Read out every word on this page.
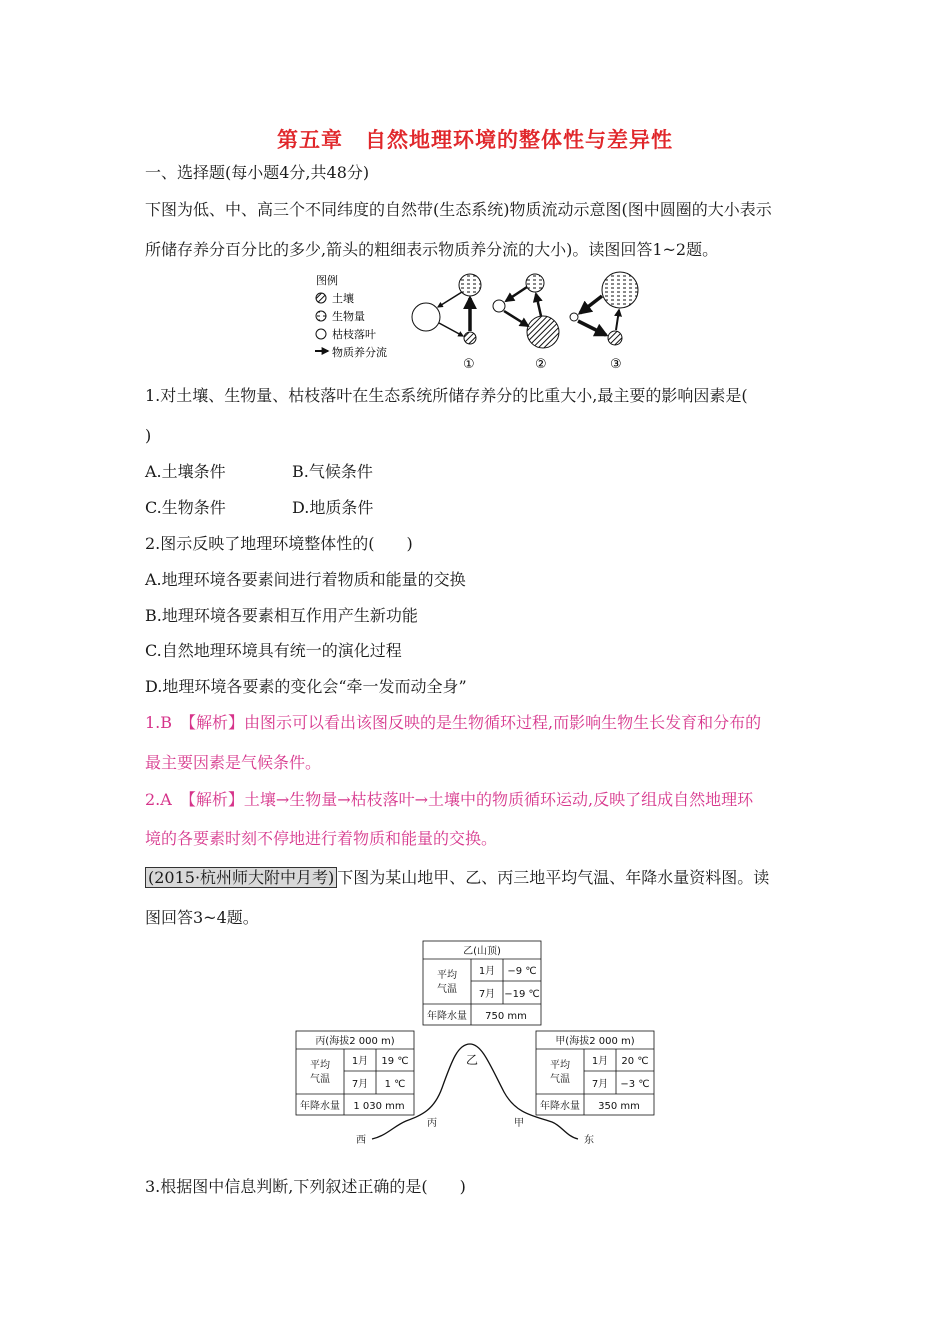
第五章 自然地理环境的整体性与差异性
一、选择题(每小题4分,共48分)
下图为低、中、高三个不同纬度的自然带(生态系统)物质流动示意图(图中圆圈的大小表示
所储存养分百分比的多少,箭头的粗细表示物质养分流的大小)。读图回答1~2题。
图例
土壤
生物量
枯枝落叶
物质养分流
①	②	③
1.对土壤、生物量、枯枝落叶在生态系统所储存养分的比重大小,最主要的影响因素是(
)
A.土壤条件	B.气候条件
C.生物条件	D.地质条件
2.图示反映了地理环境整体性的(　　)
A.地理环境各要素间进行着物质和能量的交换
B.地理环境各要素相互作用产生新功能
C.自然地理环境具有统一的演化过程
D.地理环境各要素的变化会“牵一发而动全身”
1.B　【解析】由图示可以看出该图反映的是生物循环过程,而影响生物生长发育和分布的
最主要因素是气候条件。
2.A　【解析】土壤→生物量→枯枝落叶→土壤中的物质循环运动,反映了组成自然地理环
境的各要素时刻不停地进行着物质和能量的交换。
(2015·杭州师大附中月考) 下图为某山地甲、乙、丙三地平均气温、年降水量资料图。读
图回答3~4题。
乙(山顶)
平均
气温
1月 −9 ℃
7月 −19 ℃
年降水量 750 mm
丙(海拔2 000 m)
平均
气温
1月 19 ℃
7月 1 ℃
年降水量 1 030 mm
甲(海拔2 000 m)
平均
气温
1月 20 ℃
7月 −3 ℃
年降水量 350 mm
乙
丙	甲
西	东
3.根据图中信息判断,下列叙述正确的是(　　)
